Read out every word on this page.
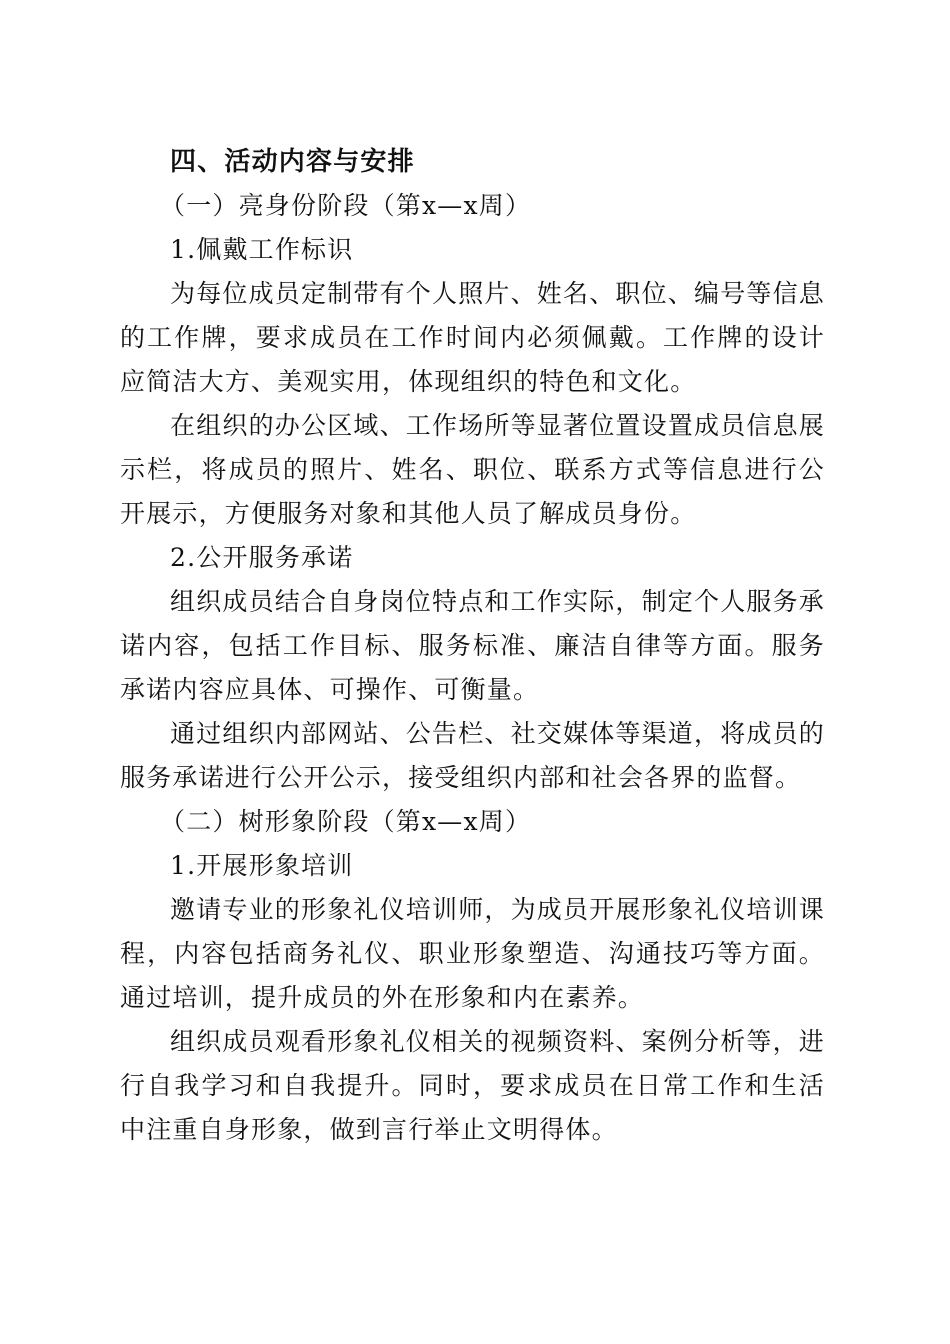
四、活动内容与安排
（一）亮身份阶段（第x—x周）
1.佩戴工作标识

为每位成员定制带有个人照片、姓名、职位、编号等信息的工作牌，要求成员在工作时间内必须佩戴。工作牌的设计应简洁大方、美观实用，体现组织的特色和文化。

在组织的办公区域、工作场所等显著位置设置成员信息展示栏，将成员的照片、姓名、职位、联系方式等信息进行公开展示，方便服务对象和其他人员了解成员身份。

2.公开服务承诺

组织成员结合自身岗位特点和工作实际，制定个人服务承诺内容，包括工作目标、服务标准、廉洁自律等方面。服务承诺内容应具体、可操作、可衡量。

通过组织内部网站、公告栏、社交媒体等渠道，将成员的服务承诺进行公开公示，接受组织内部和社会各界的监督。

（二）树形象阶段（第x—x周）
1.开展形象培训

邀请专业的形象礼仪培训师，为成员开展形象礼仪培训课程，内容包括商务礼仪、职业形象塑造、沟通技巧等方面。通过培训，提升成员的外在形象和内在素养。

组织成员观看形象礼仪相关的视频资料、案例分析等，进行自我学习和自我提升。同时，要求成员在日常工作和生活中注重自身形象，做到言行举止文明得体。
